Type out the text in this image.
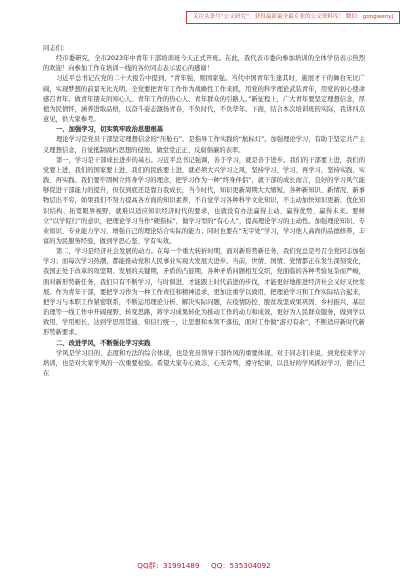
关注头条号“公文研究”，获得最新最全最专业的公文资料库！ 微信：gongwenyj

同志们：

经市委研究，全市2023年中青年干部培训班今天正式开班。在此，我代表市委向参加培训的全体学员表示热烈的欢迎！向参加工作在培训一线的各位同志表示衷心的感谢！

习近平总书记在党的二十大报告中提到，“青年强，则国家强。当代中国青年生逢其时，施展才干的舞台无比广阔，实现梦想的前景无比光明。全党要把青年工作作为战略性工作来抓，用党的科学理论武装青年，用党的初心使命感召青年，做青年朋友的知心人、青年工作的热心人、青年群众的引路人。”新征程上，广大青年要坚定理想信念，厚植为民情怀，涵养进取品格，以奋斗姿态激扬青春，不负时代，不负华年。下面，结合本次培训班的实际，我讲四点意见，供大家参考。

一、加强学习，切实筑牢政治思想根基

理论学习是党员干部坚定理想信念的“压舱石”，是指导工作实践的“航标灯”。加强理论学习，有助于坚定共产主义理想信念，自觉抵制腐朽思想的侵蚀，做堂堂正正、反腐倡廉的表率。

第一，学习是干部成长进步的基石。习近平总书记强调，善于学习，就是善于进步。我们的干部要上进，我们的党要上进，我们的国家要上进，我们的民族要上进，就必须大兴学习之风，坚持学习、学习、再学习，坚持实践、实践、再实践。我们要牢固树立终身学习的理念，把学习作为一种“终身伴侣”，就干部的成长而言，良好的学习风气能够促进干部能力的提升，但仅到底还是靠自我成长，当今时代，知识更新周期大大缩短，各种新知识、新情况、新事物层出不穷，如果我们不努力提高各方面的知识素养，不自觉学习各种科学文化知识，不主动加快知识更新、优化知识结构、拓宽眼界视野，就难以适应知识经济时代的要求，也就没有办法赢得主动、赢得优势、赢得未来。要树立“以学促行”的意识，把理论学习当作“硬指标”，做学习型的“有心人”，提高理论学习的主动性。加强理论知识、专业知识、专业能力学习，增强自己的理论结合实际的能力；同时也要在“无字处”学习，学习他人高尚的品德修养，丰富的为民服务经验，做到学思心坚、学有实效。

第二，学习是经济社会发展的动力。在每一个重大转折时期，面对新形势新任务，我们党总是号召全党同志加强学习；而每次学习热潮，都能推动党和人民事业实现大发展大进步。当前，世情、国情、党情都正在发生深刻变化，我国正处于改革的攻坚期、发展的关键期，矛盾的凸显期，各种矛盾问题相互交织，党面临的各种考验复杂而严峻，面对新形势新任务，我们只有不断学习，与时俱进，才能跟上时代前进的步伐，才能更好地推进经济社会又好又快发展。作为青年干部，要把学习作为一种工作责任和精神追求，更加注重学以致用，把理论学习和工作实际结合起来，把学习与本职工作紧密联系，不断运用理论分析、解决实际问题，在疫情防控、脱贫攻坚成果巩固、乡村振兴、基层治理等一线工作中开阔视野、转变思路，将学习成果转化为推动工作的动力和成效，更好为人民群众服务，做到学以致用、学用相长，达到学思用贯通、知信行统一，让思想和本领不落伍，面对工作做“游刃有余”，不断适应新时代新形势新要求。

二、改进学风，不断强化学习实践

学风是学习目的、态度和方法的综合体现，也是党员领导干部作风的重要体现。对于同志们来说，到党校来学习培训，也是对大家学风的一次重要检验。希望大家专心致志、心无旁骛，遵守纪律，以良好的学风抓好学习，使自己在

QQ群：31991489 QQ：535304092
